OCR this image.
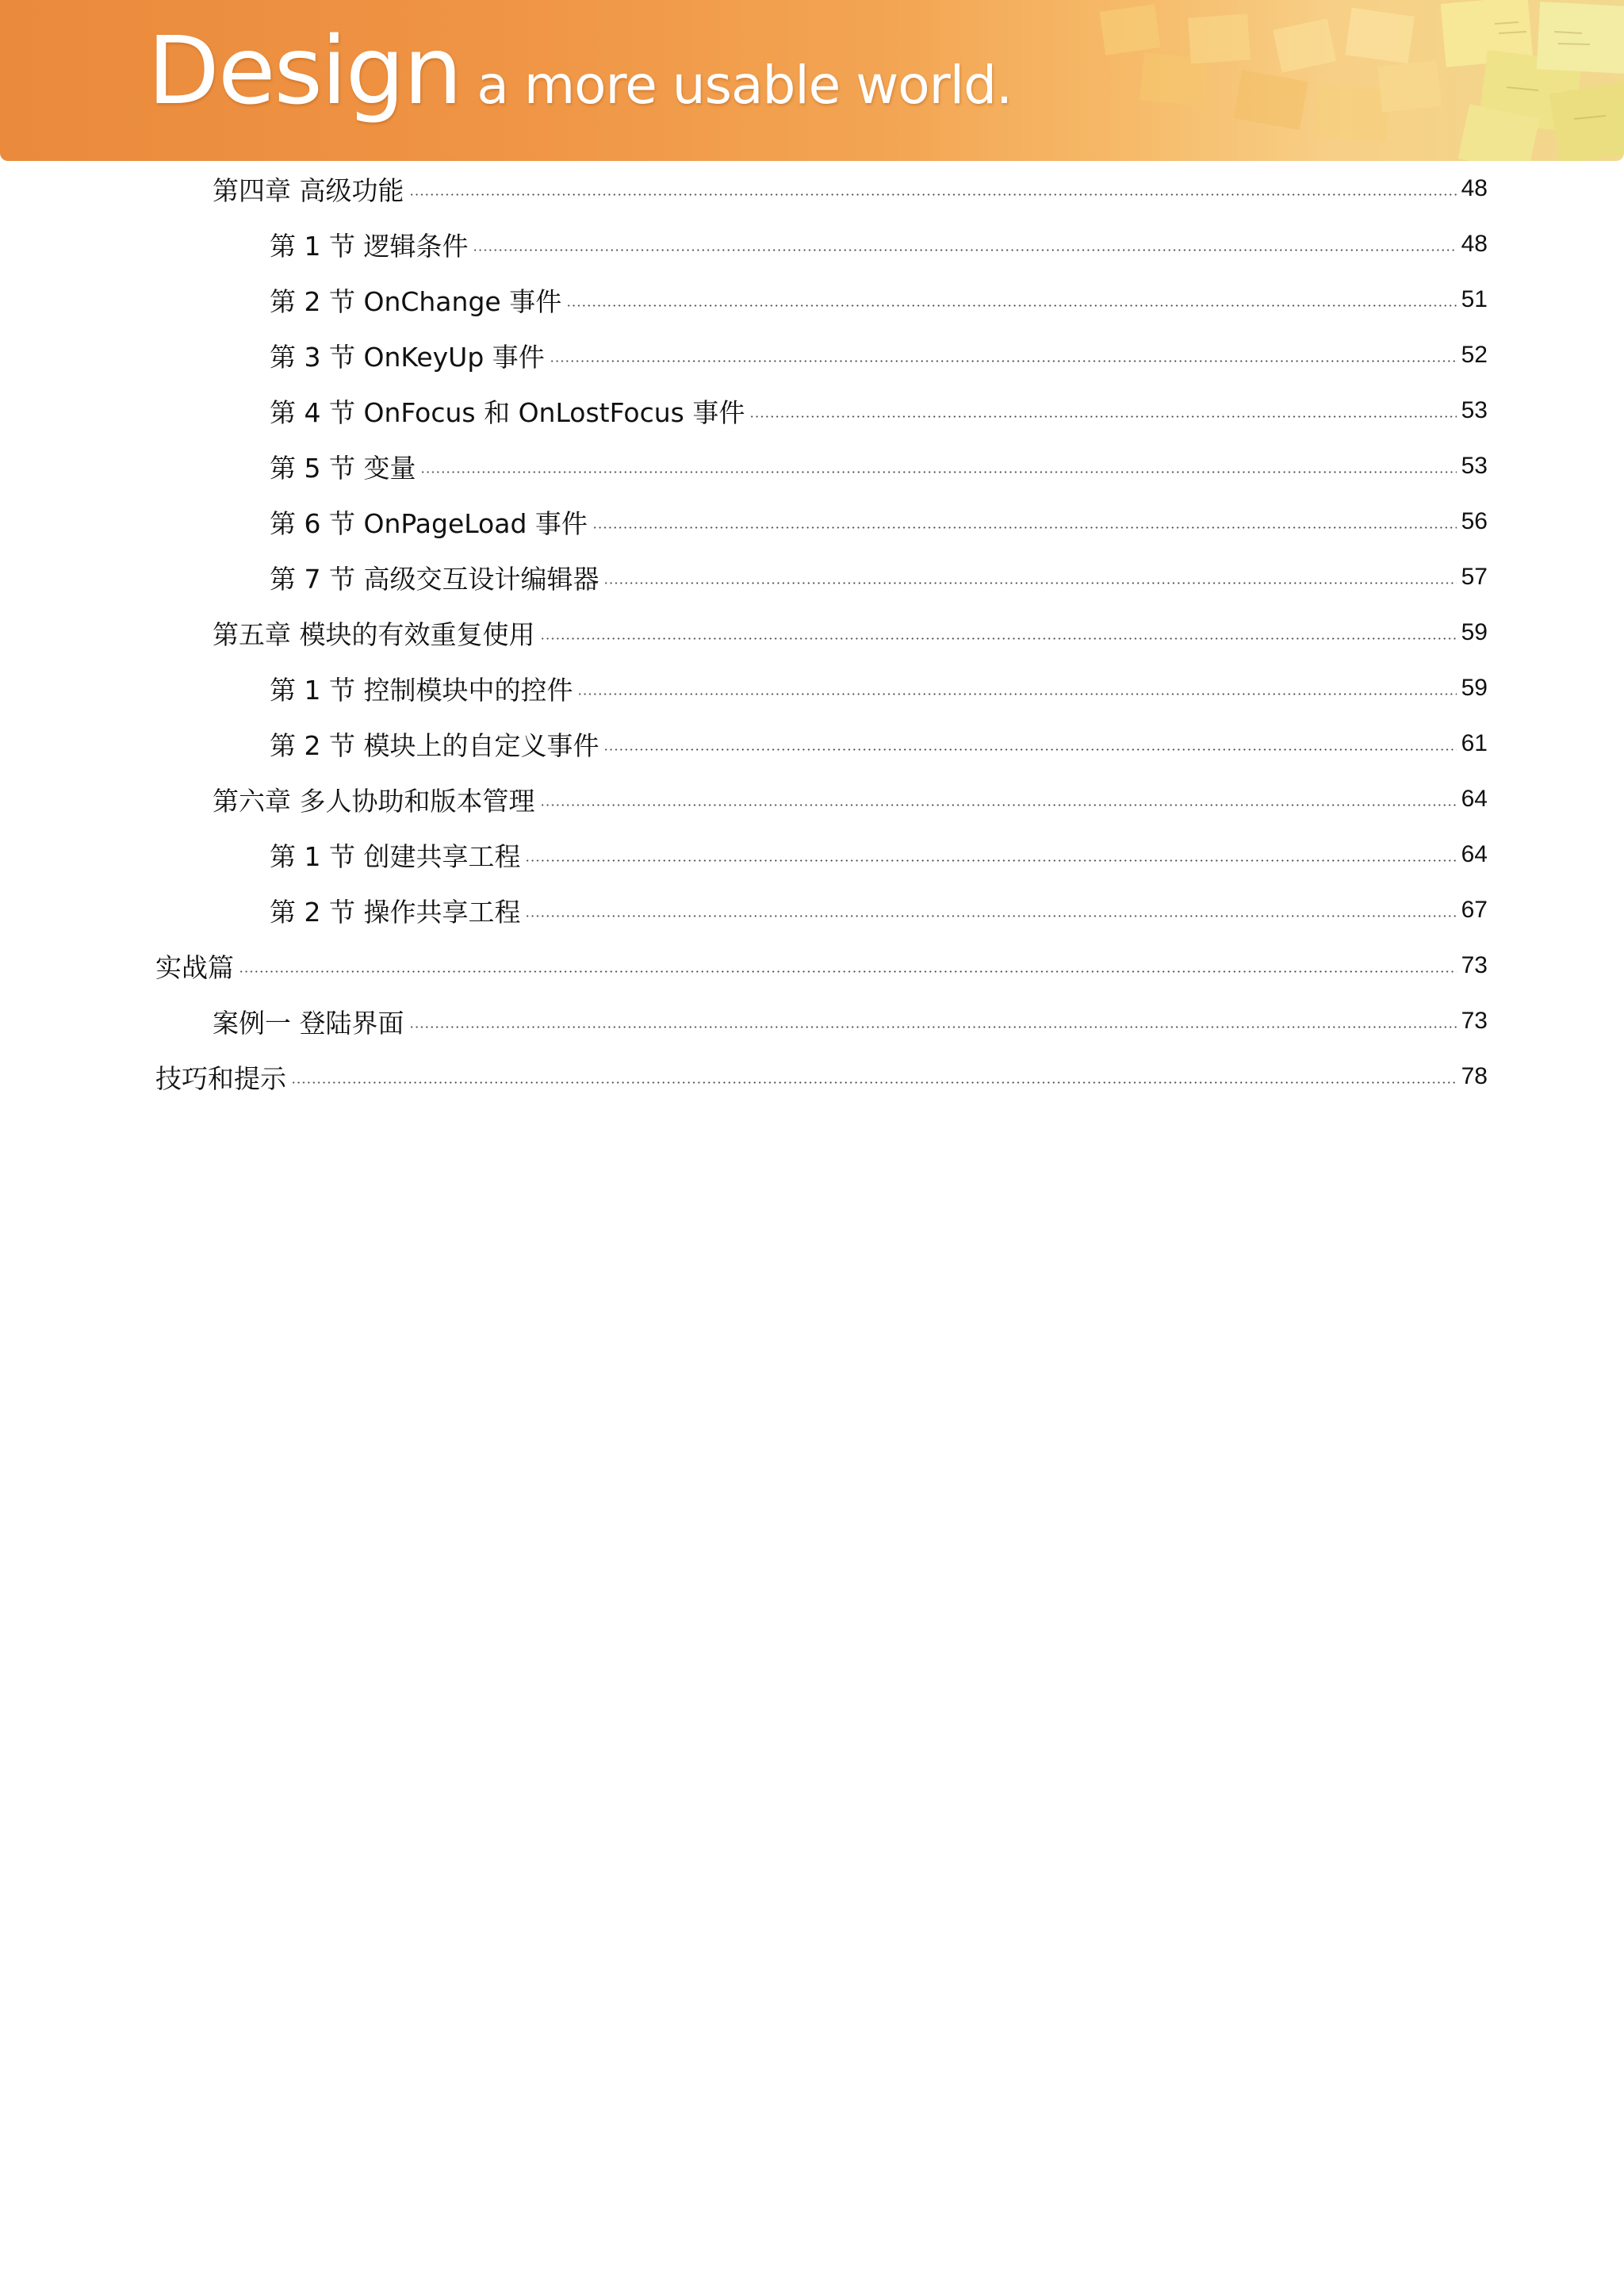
Design a more usable world.
第四章 高级功能	48
第 1 节 逻辑条件	48
第 2 节 OnChange 事件	51
第 3 节 OnKeyUp 事件	52
第 4 节 OnFocus 和 OnLostFocus 事件	53
第 5 节 变量	53
第 6 节 OnPageLoad 事件	56
第 7 节 高级交互设计编辑器	57
第五章 模块的有效重复使用	59
第 1 节 控制模块中的控件	59
第 2 节 模块上的自定义事件	61
第六章 多人协助和版本管理	64
第 1 节 创建共享工程	64
第 2 节 操作共享工程	67
实战篇	73
案例一 登陆界面	73
技巧和提示	78
